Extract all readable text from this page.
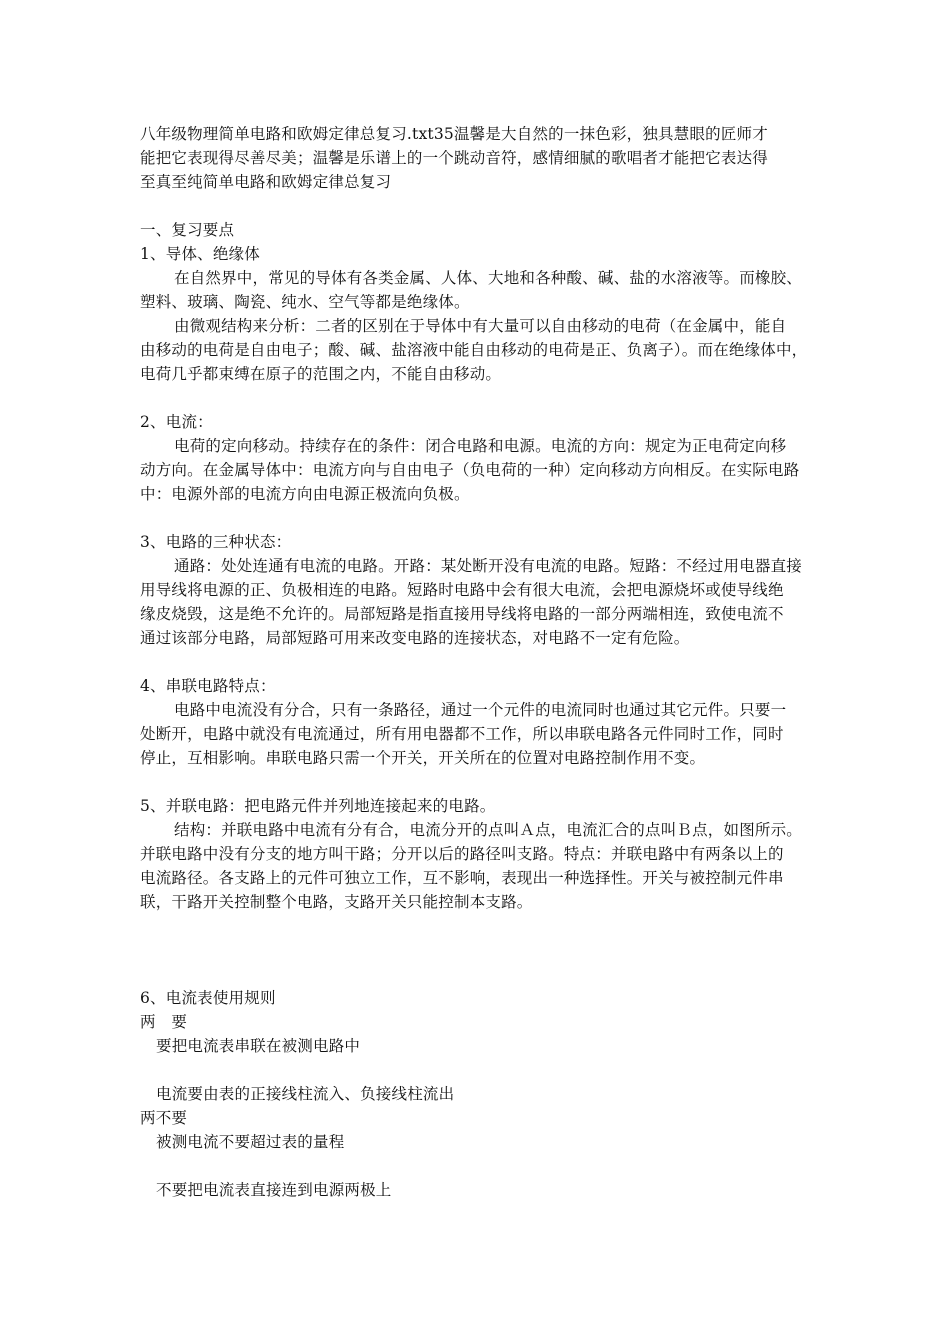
八年级物理简单电路和欧姆定律总复习.txt35温馨是大自然的一抹色彩，独具慧眼的匠师才
能把它表现得尽善尽美；温馨是乐谱上的一个跳动音符，感情细腻的歌唱者才能把它表达得
至真至纯简单电路和欧姆定律总复习
一、复习要点
1、导体、绝缘体
在自然界中，常见的导体有各类金属、人体、大地和各种酸、碱、盐的水溶液等。而橡胶、
塑料、玻璃、陶瓷、纯水、空气等都是绝缘体。
由微观结构来分析：二者的区别在于导体中有大量可以自由移动的电荷（在金属中，能自
由移动的电荷是自由电子；酸、碱、盐溶液中能自由移动的电荷是正、负离子）。而在绝缘体中，
电荷几乎都束缚在原子的范围之内，不能自由移动。
2、电流：
电荷的定向移动。持续存在的条件：闭合电路和电源。电流的方向：规定为正电荷定向移
动方向。在金属导体中：电流方向与自由电子（负电荷的一种）定向移动方向相反。在实际电路
中：电源外部的电流方向由电源正极流向负极。
3、电路的三种状态：
通路：处处连通有电流的电路。开路：某处断开没有电流的电路。短路：不经过用电器直接
用导线将电源的正、负极相连的电路。短路时电路中会有很大电流，会把电源烧坏或使导线绝
缘皮烧毁，这是绝不允许的。局部短路是指直接用导线将电路的一部分两端相连，致使电流不
通过该部分电路，局部短路可用来改变电路的连接状态，对电路不一定有危险。
4、串联电路特点：
电路中电流没有分合，只有一条路径，通过一个元件的电流同时也通过其它元件。只要一
处断开，电路中就没有电流通过，所有用电器都不工作，所以串联电路各元件同时工作，同时
停止，互相影响。串联电路只需一个开关，开关所在的位置对电路控制作用不变。
5、并联电路：把电路元件并列地连接起来的电路。
结构：并联电路中电流有分有合，电流分开的点叫Ａ点，电流汇合的点叫Ｂ点，如图所示。
并联电路中没有分支的地方叫干路；分开以后的路径叫支路。特点：并联电路中有两条以上的
电流路径。各支路上的元件可独立工作，互不影响，表现出一种选择性。开关与被控制元件串
联，干路开关控制整个电路，支路开关只能控制本支路。
6、电流表使用规则
两　要
要把电流表串联在被测电路中
电流要由表的正接线柱流入、负接线柱流出
两不要
被测电流不要超过表的量程
不要把电流表直接连到电源两极上
